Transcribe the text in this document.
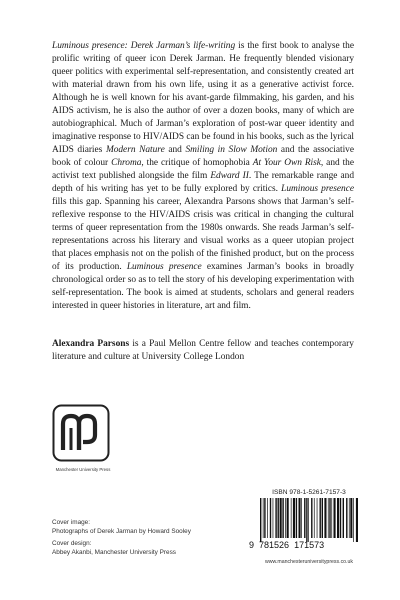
Luminous presence: Derek Jarman’s life-writing is the first book to analyse the prolific writing of queer icon Derek Jarman. He frequently blended visionary queer politics with experimental self-representation, and consistently created art with material drawn from his own life, using it as a generative activist force. Although he is well known for his avant-garde filmmaking, his garden, and his AIDS activism, he is also the author of over a dozen books, many of which are autobiographical. Much of Jarman’s exploration of post-war queer identity and imaginative response to HIV/AIDS can be found in his books, such as the lyrical AIDS diaries Modern Nature and Smiling in Slow Motion and the associative book of colour Chroma, the critique of homophobia At Your Own Risk, and the activist text published alongside the film Edward II. The remarkable range and depth of his writing has yet to be fully explored by critics. Luminous presence fills this gap. Spanning his career, Alexandra Parsons shows that Jarman’s self-reflexive response to the HIV/AIDS crisis was critical in changing the cultural terms of queer representation from the 1980s onwards. She reads Jarman’s self-representations across his literary and visual works as a queer utopian project that places emphasis not on the polish of the finished product, but on the process of its production. Luminous presence examines Jarman’s books in broadly chronological order so as to tell the story of his developing experimentation with self-representation. The book is aimed at students, scholars and general readers interested in queer histories in literature, art and film.

Alexandra Parsons is a Paul Mellon Centre fellow and teaches contemporary literature and culture at University College London

Manchester University Press
Cover image:
Photographs of Derek Jarman by Howard Sooley
Cover design:
Abbey Akanbi, Manchester University Press
ISBN 978-1-5261-7157-3
9 781526 171573
www.manchesteruniversitypress.co.uk
